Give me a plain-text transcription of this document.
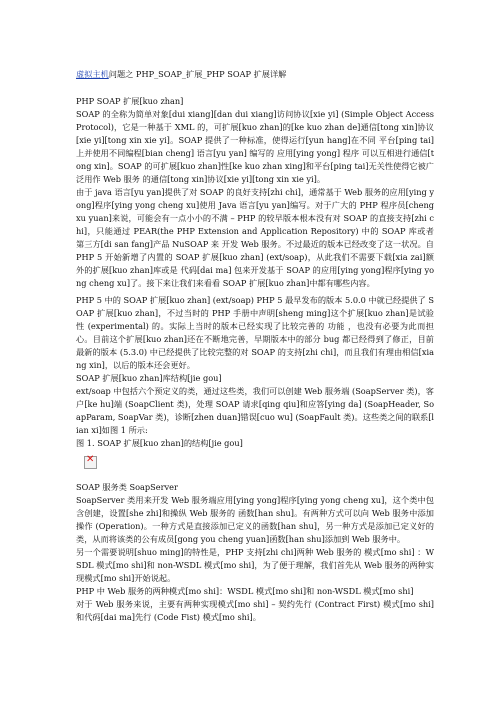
虚拟主机问题之 PHP_SOAP_扩展_PHP SOAP 扩展详解

PHP SOAP 扩展[kuo zhan]

SOAP 的全称为简单对象[dui xiang][dan dui xiang]访问协议[xie yi] (Simple Object Access Protocol)，它是一种基于 XML 的，可扩展[kuo zhan]的[ke kuo zhan de]通信[tong xin]协议[xie yi][tong xin xie yi]。SOAP 提供了一种标准，使得运行[yun hang]在不同 平台[ping tai]上并使用不同编程[bian cheng] 语言[yu yan] 编写的 应用[ying yong] 程序 可以互相进行通信[tong xin]。SOAP 的可扩展[kuo zhan]性[ke kuo zhan xing]和平台[ping tai]无关性使得它被广泛用作 Web 服务 的通信[tong xin]协议[xie yi][tong xin xie yi]。

由于 java 语言[yu yan]提供了对 SOAP 的良好支持[zhi chi]，通常基于 Web 服务的应用[ying yong]程序[ying yong cheng xu]使用 Java 语言[yu yan]编写。对于广大的 PHP 程序员[cheng xu yuan]来说，可能会有一点小小的不满 – PHP 的较早版本根本没有对 SOAP 的直接支持[zhi chi]，只能通过 PEAR(the PHP Extension and Application Repository) 中的 SOAP 库或者第三方[di san fang]产品 NuSOAP 来 开发 Web 服务。不过最近的版本已经改变了这一状况。自 PHP 5 开始新增了内置的 SOAP 扩展[kuo zhan] (ext/soap)，从此我们不需要下载[xia zai]额外的扩展[kuo zhan]库或是 代码[dai ma] 包来开发基于 SOAP 的应用[ying yong]程序[ying yong cheng xu]了。接下来让我们来看看 SOAP 扩展[kuo zhan]中都有哪些内容。

PHP 5 中的 SOAP 扩展[kuo zhan] (ext/soap) PHP 5 最早发布的版本 5.0.0 中就已经提供了 SOAP 扩展[kuo zhan]，不过当时的 PHP 手册中声明[sheng ming]这个扩展[kuo zhan]是试验性 (experimental) 的。实际上当时的版本已经实现了比较完善的 功能 ，也没有必要为此而担心。目前这个扩展[kuo zhan]还在不断地完善，早期版本中的部分 bug 都已经得到了修正，目前最新的版本 (5.3.0) 中已经提供了比较完整的对 SOAP 的支持[zhi chi]，而且我们有理由相信[xiang xin]，以后的版本还会更好。

SOAP 扩展[kuo zhan]库结构[jie gou]

ext/soap 中包括六个预定义的类，通过这些类，我们可以创建 Web 服务端 (SoapServer 类)，客户[ke hu]端 (SoapClient 类)，处理 SOAP 请求[qing qiu]和应答[ying da] (SoapHeader, SoapParam, SoapVar 类)，诊断[zhen duan]错误[cuo wu] (SoapFault 类)。这些类之间的联系[lian xi]如图 1 所示:

图 1. SOAP 扩展[kuo zhan]的结构[jie gou]

✕

SOAP 服务类 SoapServer

SoapServer 类用来开发 Web 服务端应用[ying yong]程序[ying yong cheng xu]，这个类中包含创建，设置[she zhi]和操纵 Web 服务的 函数[han shu]。有两种方式可以向 Web 服务中添加操作 (Operation)。一种方式是直接添加已定义的函数[han shu]，另一种方式是添加已定义好的类，从而将该类的公有成员[gong you cheng yuan]函数[han shu]添加到 Web 服务中。

另一个需要说明[shuo ming]的特性是，PHP 支持[zhi chi]两种 Web 服务的 模式[mo shi] ：WSDL 模式[mo shi]和 non-WSDL 模式[mo shi]，为了便于理解，我们首先从 Web 服务的两种实现模式[mo shi]开始说起。

PHP 中 Web 服务的两种模式[mo shi]：WSDL 模式[mo shi]和 non-WSDL 模式[mo shi]

对于 Web 服务来说，主要有两种实现模式[mo shi] – 契约先行 (Contract First) 模式[mo shi]和代码[dai ma]先行 (Code Fist) 模式[mo shi]。
